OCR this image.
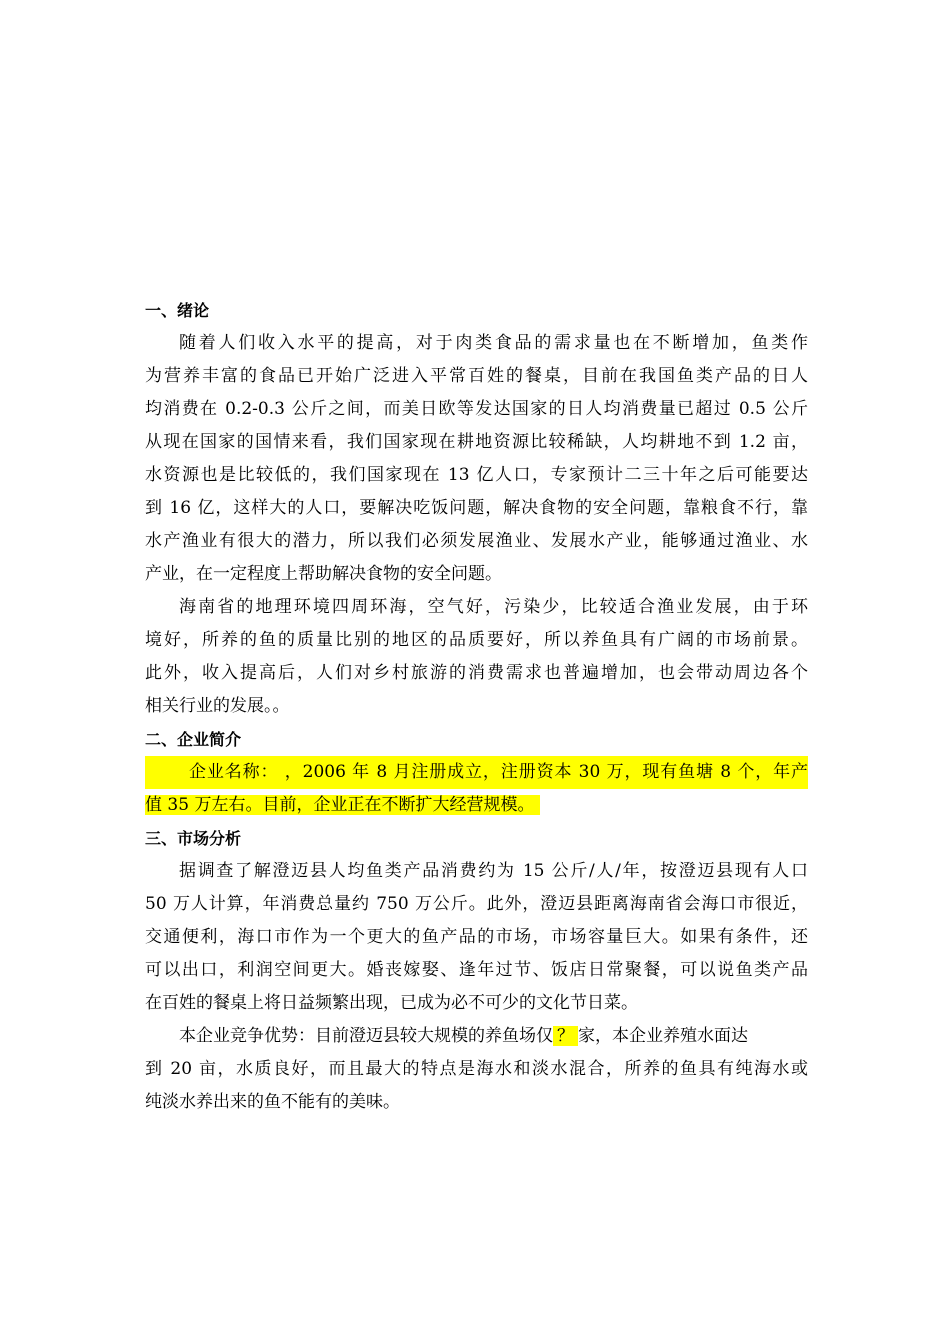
一、绪论
随着人们收入水平的提高，对于肉类食品的需求量也在不断增加，鱼类作
为营养丰富的食品已开始广泛进入平常百姓的餐桌，目前在我国鱼类产品的日人
均消费在 0.2-0.3 公斤之间，而美日欧等发达国家的日人均消费量已超过 0.5 公斤
从现在国家的国情来看，我们国家现在耕地资源比较稀缺，人均耕地不到 1.2 亩，
水资源也是比较低的，我们国家现在 13 亿人口，专家预计二三十年之后可能要达
到 16 亿，这样大的人口，要解决吃饭问题，解决食物的安全问题，靠粮食不行，靠
水产渔业有很大的潜力，所以我们必须发展渔业、发展水产业，能够通过渔业、水
产业，在一定程度上帮助解决食物的安全问题。
海南省的地理环境四周环海，空气好，污染少，比较适合渔业发展，由于环
境好，所养的鱼的质量比别的地区的品质要好，所以养鱼具有广阔的市场前景。
此外，收入提高后，人们对乡村旅游的消费需求也普遍增加，也会带动周边各个
相关行业的发展。。
二、企业简介
企业名称： ，2006 年 8 月注册成立，注册资本 30 万，现有鱼塘 8 个，年产
值 35 万左右。目前，企业正在不断扩大经营规模。
三、市场分析
据调查了解澄迈县人均鱼类产品消费约为 15 公斤/人/年，按澄迈县现有人口
50 万人计算，年消费总量约 750 万公斤。此外，澄迈县距离海南省会海口市很近，
交通便利，海口市作为一个更大的鱼产品的市场，市场容量巨大。如果有条件，还
可以出口，利润空间更大。婚丧嫁娶、逢年过节、饭店日常聚餐，可以说鱼类产品
在百姓的餐桌上将日益频繁出现，已成为必不可少的文化节日菜。
本企业竞争优势：目前澄迈县较大规模的养鱼场仅 ？ 家，本企业养殖水面达
到 20 亩，水质良好，而且最大的特点是海水和淡水混合，所养的鱼具有纯海水或
纯淡水养出来的鱼不能有的美味。
